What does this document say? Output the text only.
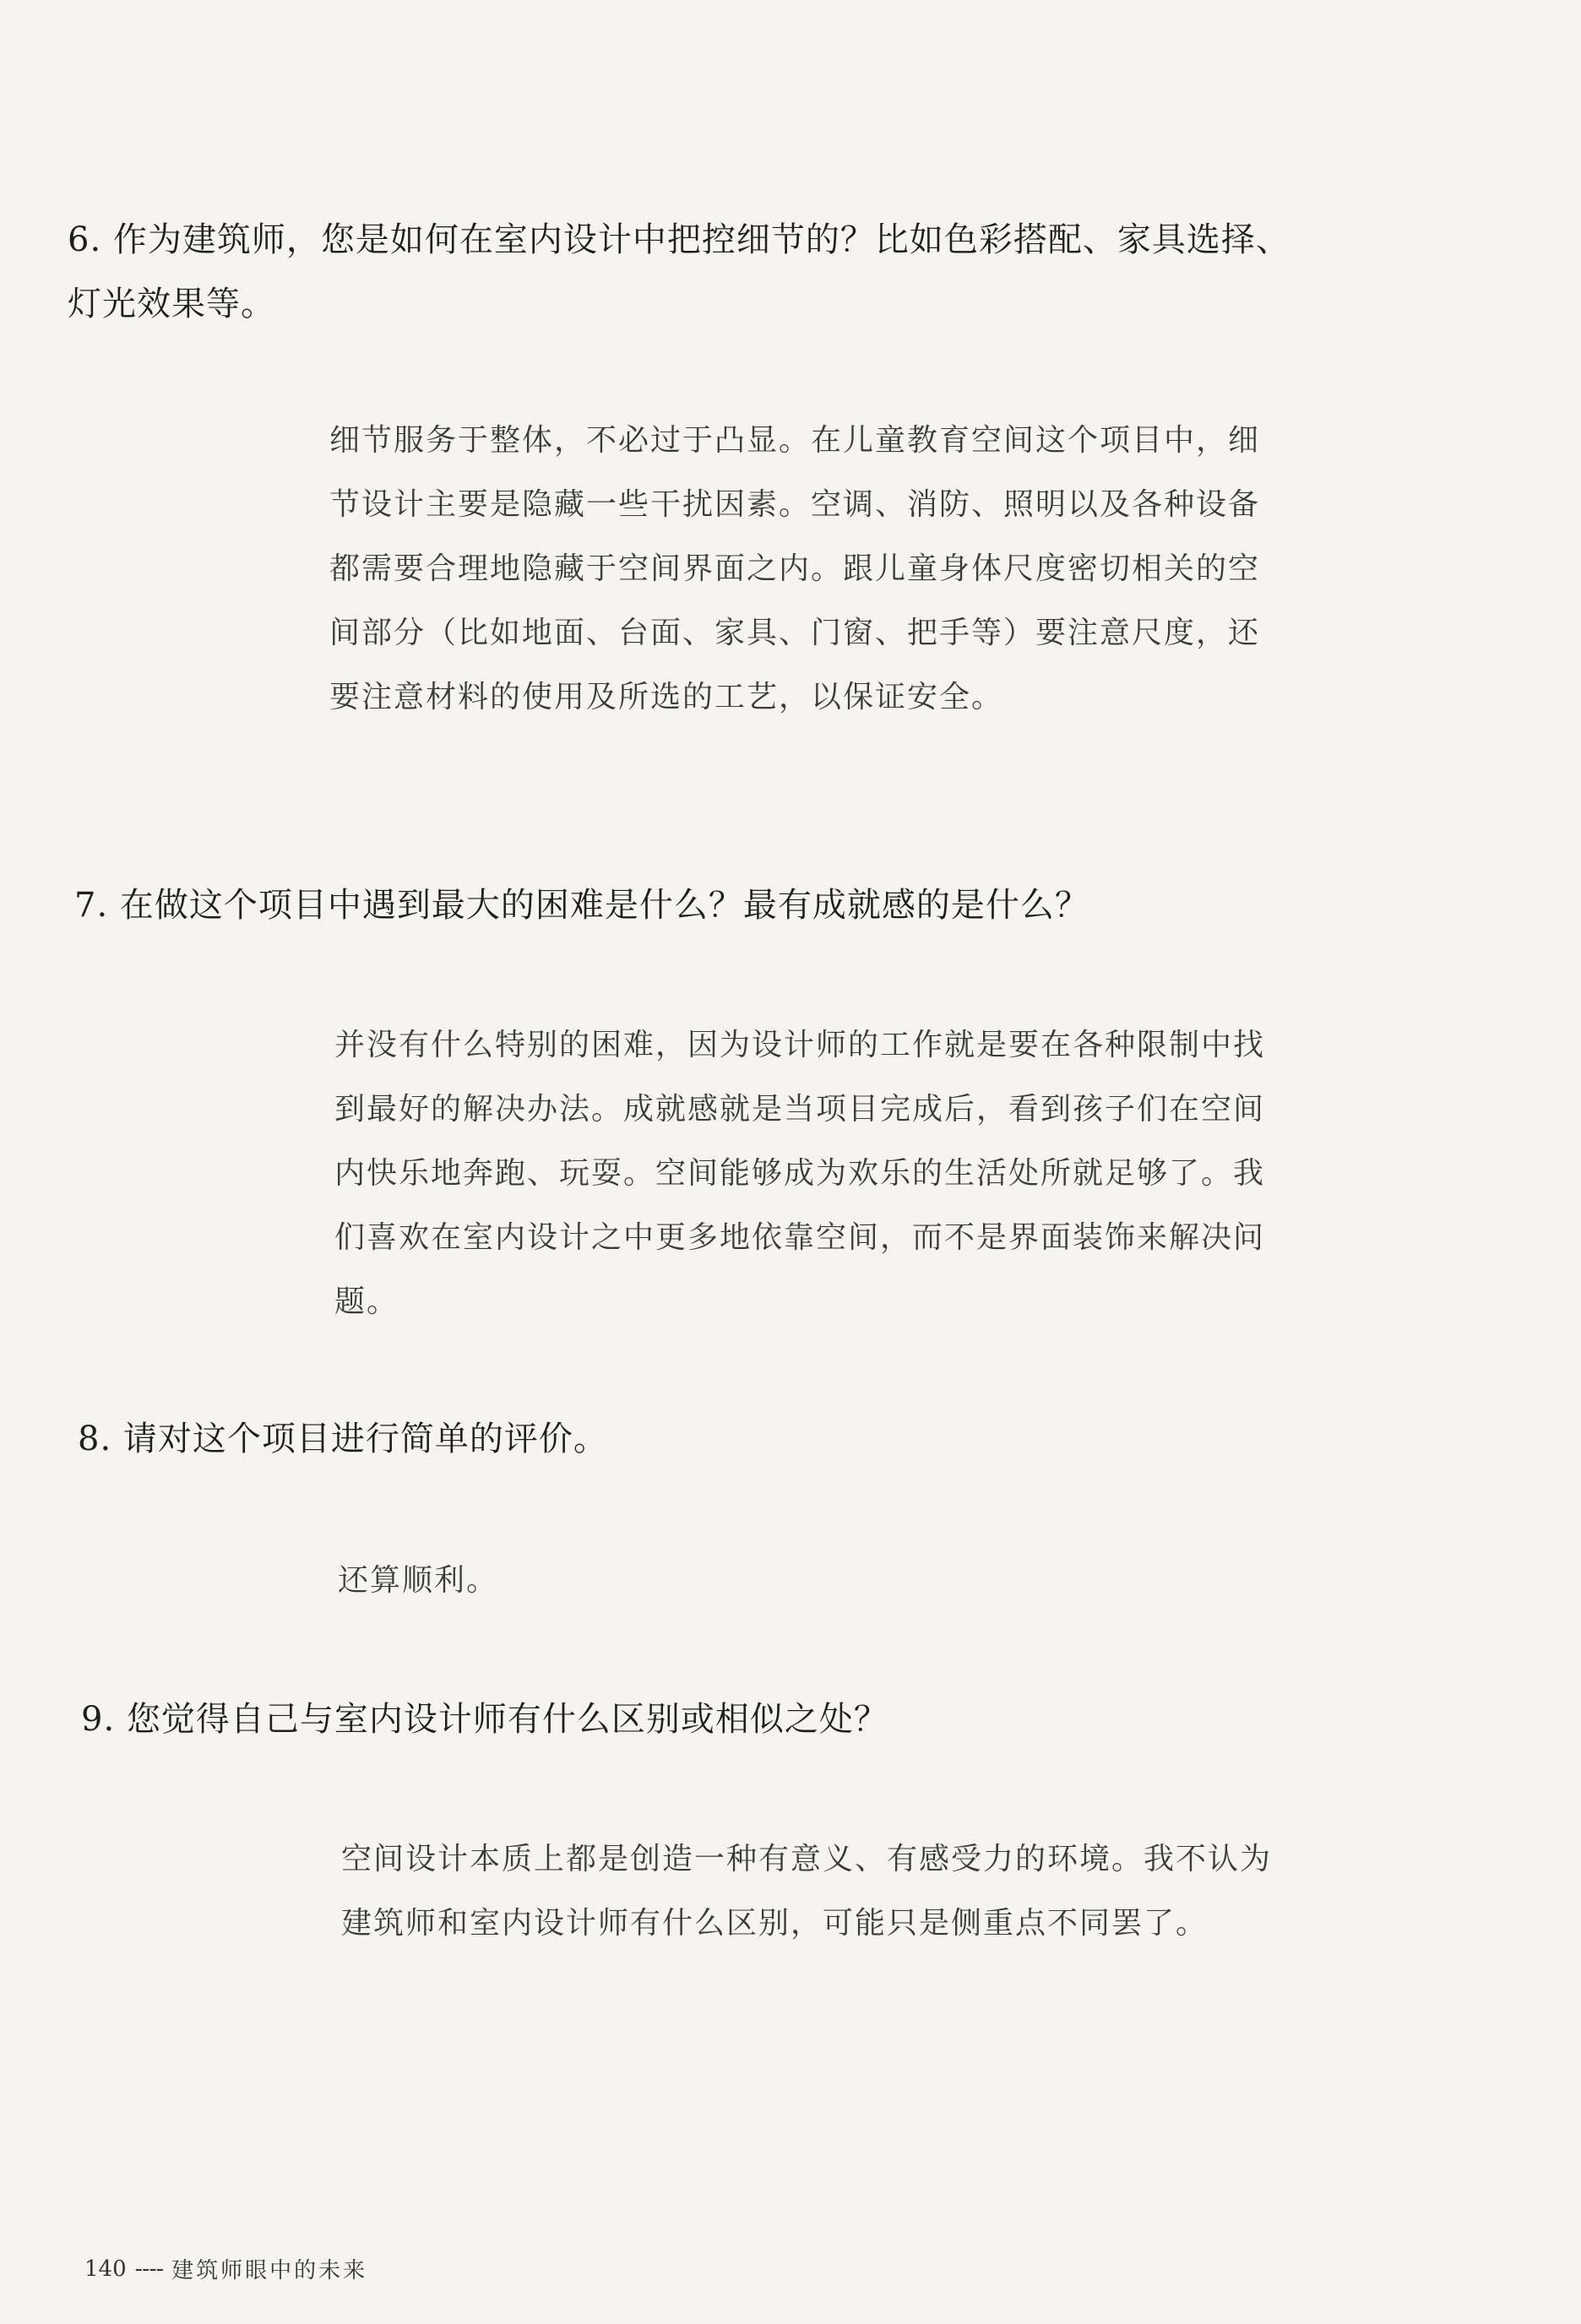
6. 作为建筑师，您是如何在室内设计中把控细节的？比如色彩搭配、家具选择、
灯光效果等。
细节服务于整体，不必过于凸显。在儿童教育空间这个项目中，细
节设计主要是隐藏一些干扰因素。空调、消防、照明以及各种设备
都需要合理地隐藏于空间界面之内。跟儿童身体尺度密切相关的空
间部分（比如地面、台面、家具、门窗、把手等）要注意尺度，还
要注意材料的使用及所选的工艺，以保证安全。
7. 在做这个项目中遇到最大的困难是什么？最有成就感的是什么？
并没有什么特别的困难，因为设计师的工作就是要在各种限制中找
到最好的解决办法。成就感就是当项目完成后，看到孩子们在空间
内快乐地奔跑、玩耍。空间能够成为欢乐的生活处所就足够了。我
们喜欢在室内设计之中更多地依靠空间，而不是界面装饰来解决问
题。
8. 请对这个项目进行简单的评价。
还算顺利。
9. 您觉得自己与室内设计师有什么区别或相似之处？
空间设计本质上都是创造一种有意义、有感受力的环境。我不认为
建筑师和室内设计师有什么区别，可能只是侧重点不同罢了。
140 ---- 建筑师眼中的未来
